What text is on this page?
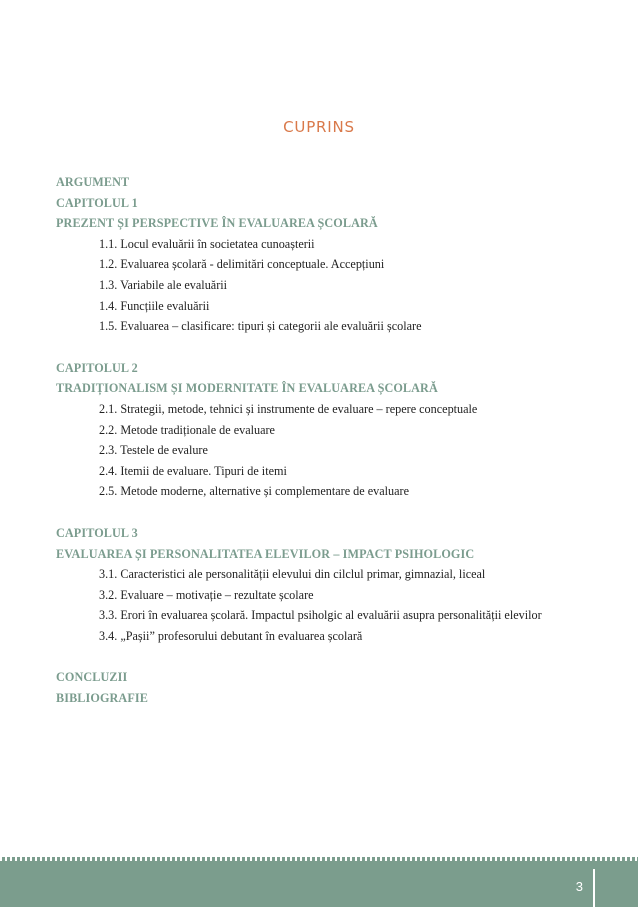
CUPRINS
ARGUMENT
CAPITOLUL 1
PREZENT ȘI PERSPECTIVE ÎN EVALUAREA ȘCOLARĂ
1.1. Locul evaluării în societatea cunoașterii
1.2. Evaluarea școlară - delimitări conceptuale. Accepțiuni
1.3. Variabile ale evaluării
1.4. Funcțiile evaluării
1.5. Evaluarea – clasificare: tipuri și categorii ale evaluării școlare
CAPITOLUL 2
TRADIȚIONALISM ȘI MODERNITATE ÎN EVALUAREA ȘCOLARĂ
2.1. Strategii, metode, tehnici și instrumente de evaluare – repere conceptuale
2.2. Metode tradiționale de evaluare
2.3. Testele de evalure
2.4. Itemii de evaluare. Tipuri de itemi
2.5. Metode moderne, alternative și complementare de evaluare
CAPITOLUL 3
EVALUAREA ȘI PERSONALITATEA ELEVILOR – IMPACT PSIHOLOGIC
3.1. Caracteristici ale personalității elevului din cilclul primar, gimnazial, liceal
3.2. Evaluare – motivație – rezultate școlare
3.3. Erori în evaluarea școlară. Impactul psiholgic al evaluării asupra personalității elevilor
3.4. „Pașii” profesorului debutant în evaluarea școlară
CONCLUZII
BIBLIOGRAFIE
3
